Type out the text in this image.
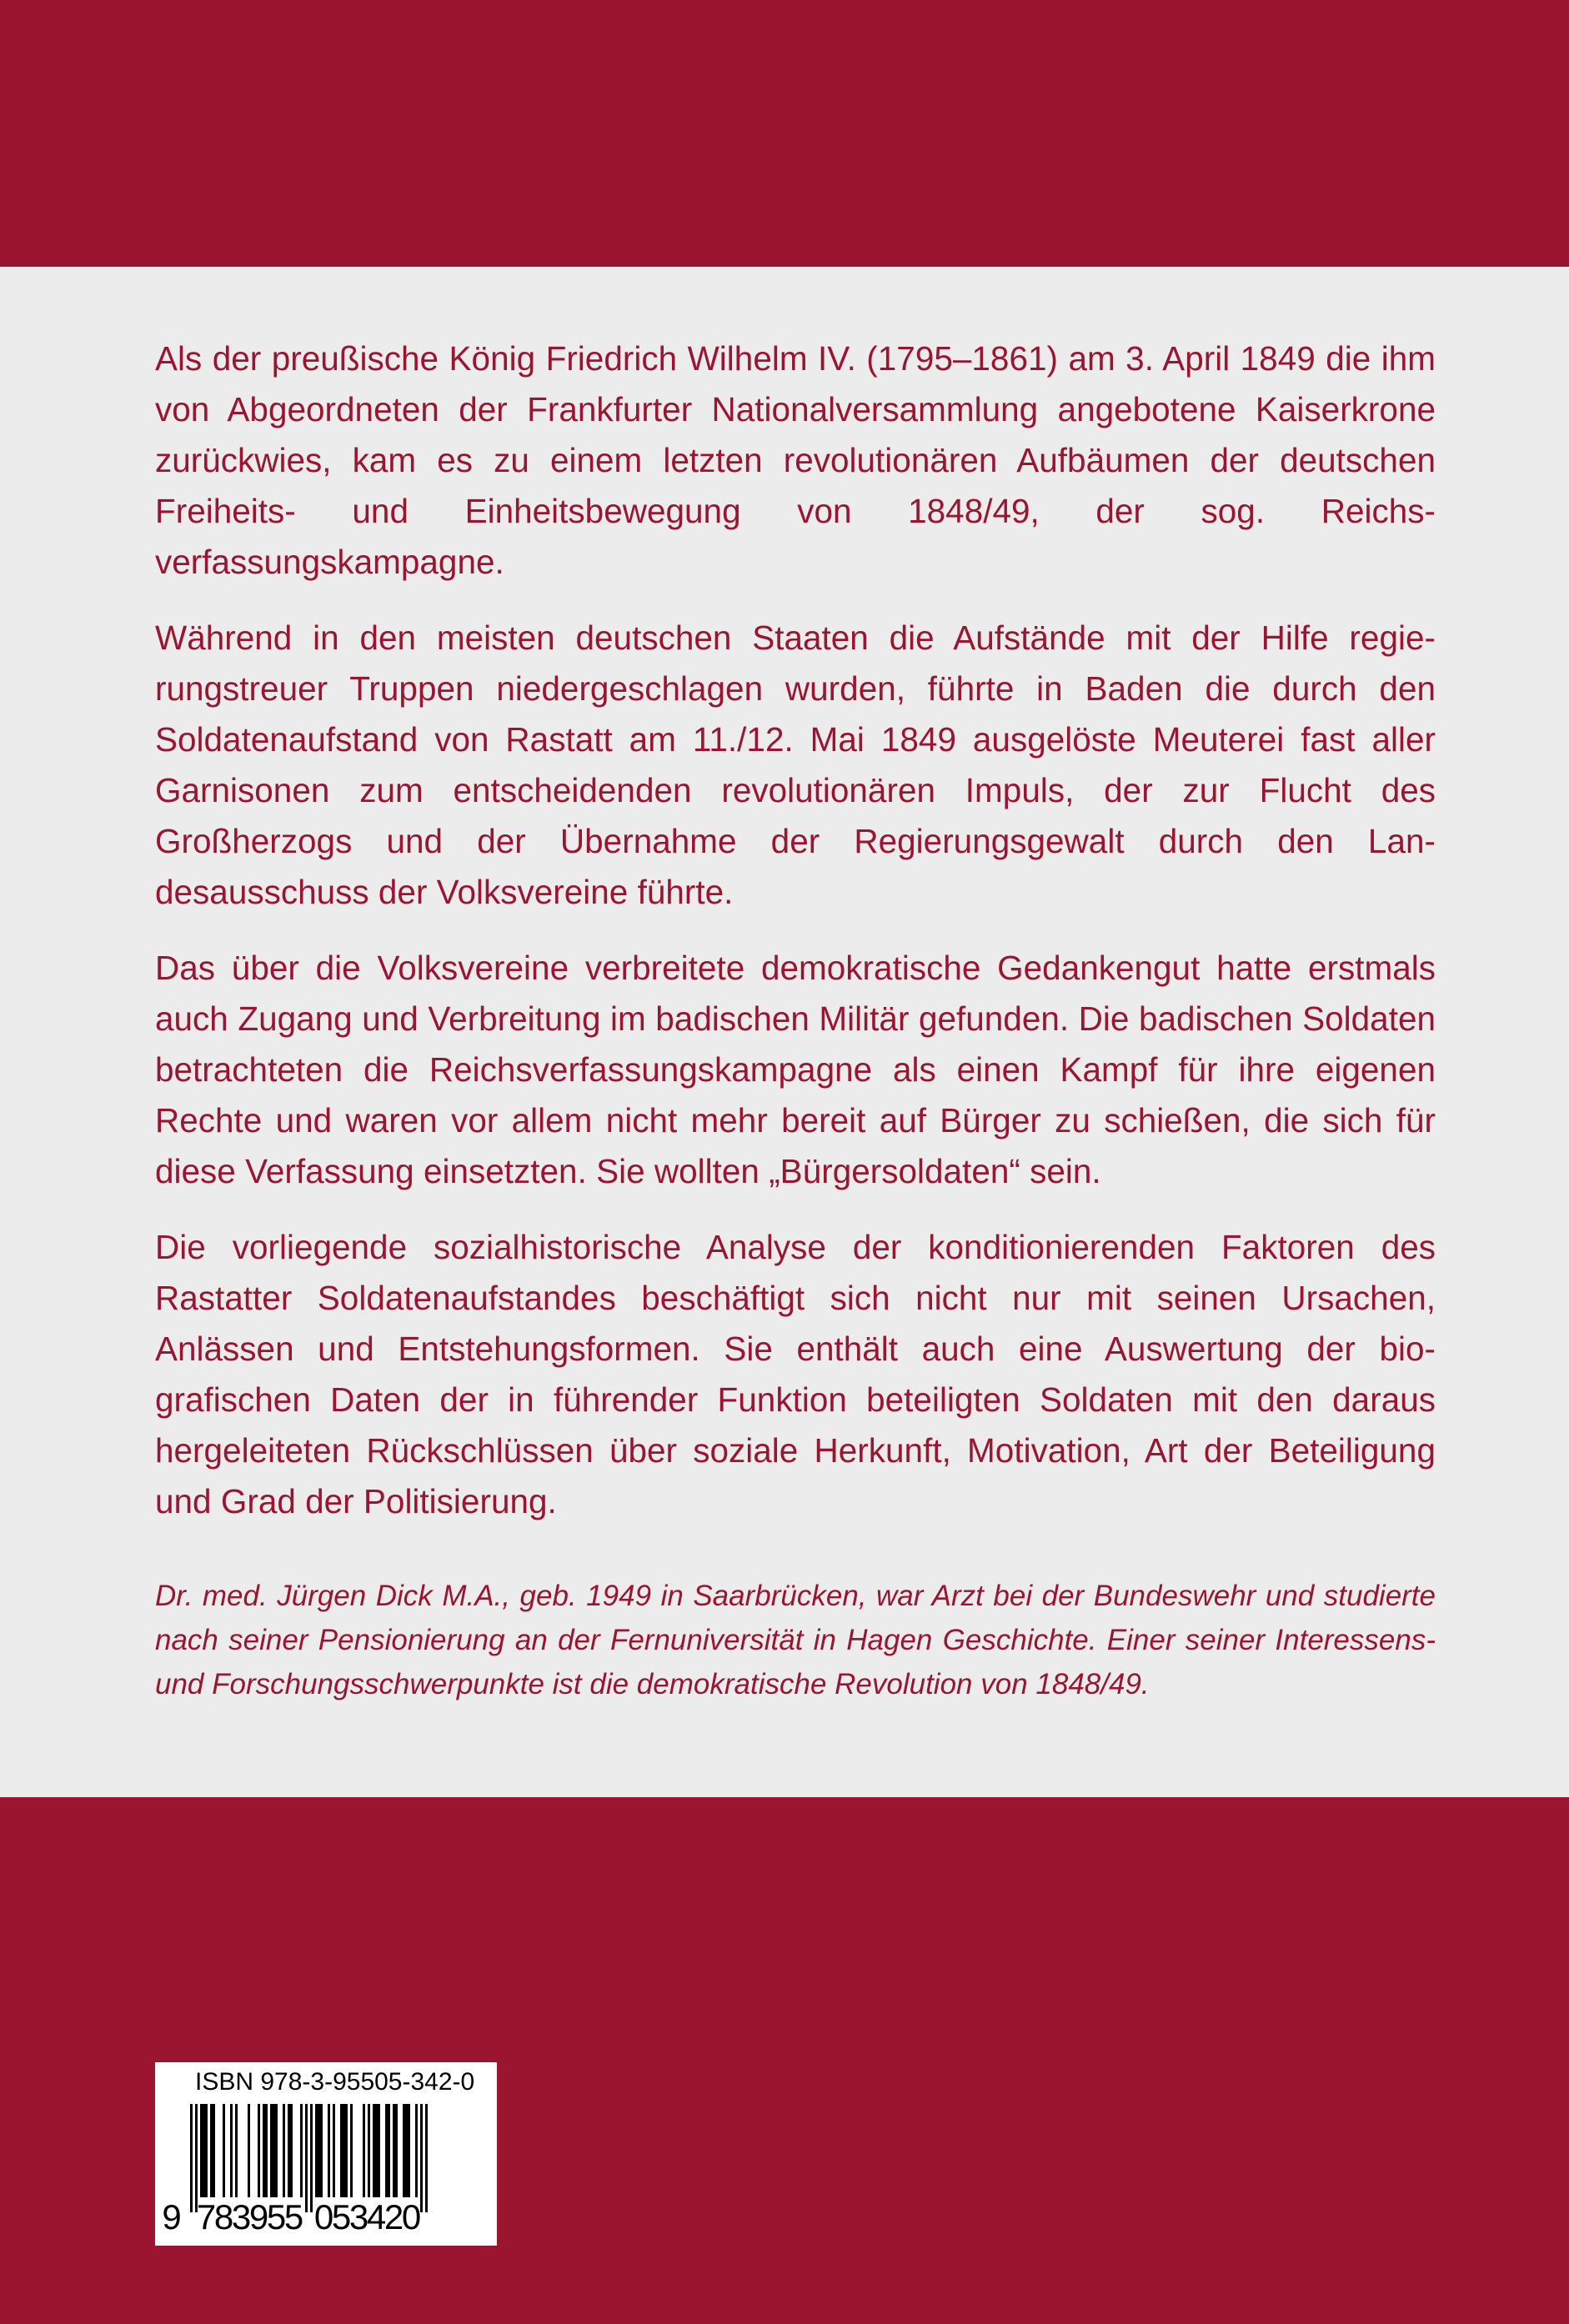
Als der preußische König Friedrich Wilhelm IV. (1795–1861) am 3. April 1849 die ihm von Abgeordneten der Frankfurter Nationalversammlung angebotene Kaiserkrone zurückwies, kam es zu einem letzten revolutionären Aufbäumen der deutschen Freiheits- und Einheitsbewegung von 1848/49, der sog. Reichsverfassungskampagne.

Während in den meisten deutschen Staaten die Aufstände mit der Hilfe regierungstreuer Truppen niedergeschlagen wurden, führte in Baden die durch den Soldatenaufstand von Rastatt am 11./12. Mai 1849 ausgelöste Meuterei fast aller Garnisonen zum entscheidenden revolutionären Impuls, der zur Flucht des Großherzogs und der Übernahme der Regierungsgewalt durch den Landesausschuss der Volksvereine führte.

Das über die Volksvereine verbreitete demokratische Gedankengut hatte erstmals auch Zugang und Verbreitung im badischen Militär gefunden. Die badischen Soldaten betrachteten die Reichsverfassungskampagne als einen Kampf für ihre eigenen Rechte und waren vor allem nicht mehr bereit auf Bürger zu schießen, die sich für diese Verfassung einsetzten. Sie wollten „Bürgersoldaten“ sein.

Die vorliegende sozialhistorische Analyse der konditionierenden Faktoren des Rastatter Soldatenaufstandes beschäftigt sich nicht nur mit seinen Ursachen, Anlässen und Entstehungsformen. Sie enthält auch eine Auswertung der biografischen Daten der in führender Funktion beteiligten Soldaten mit den daraus hergeleiteten Rückschlüssen über soziale Herkunft, Motivation, Art der Beteiligung und Grad der Politisierung.

Dr. med. Jürgen Dick M.A., geb. 1949 in Saarbrücken, war Arzt bei der Bundeswehr und studierte nach seiner Pensionierung an der Fernuniversität in Hagen Geschichte. Einer seiner Interessens- und Forschungsschwerpunkte ist die demokratische Revolution von 1848/49.

ISBN 978-3-95505-342-0
9 7
8
3
9
5
5 0
5
3
4
2
0
